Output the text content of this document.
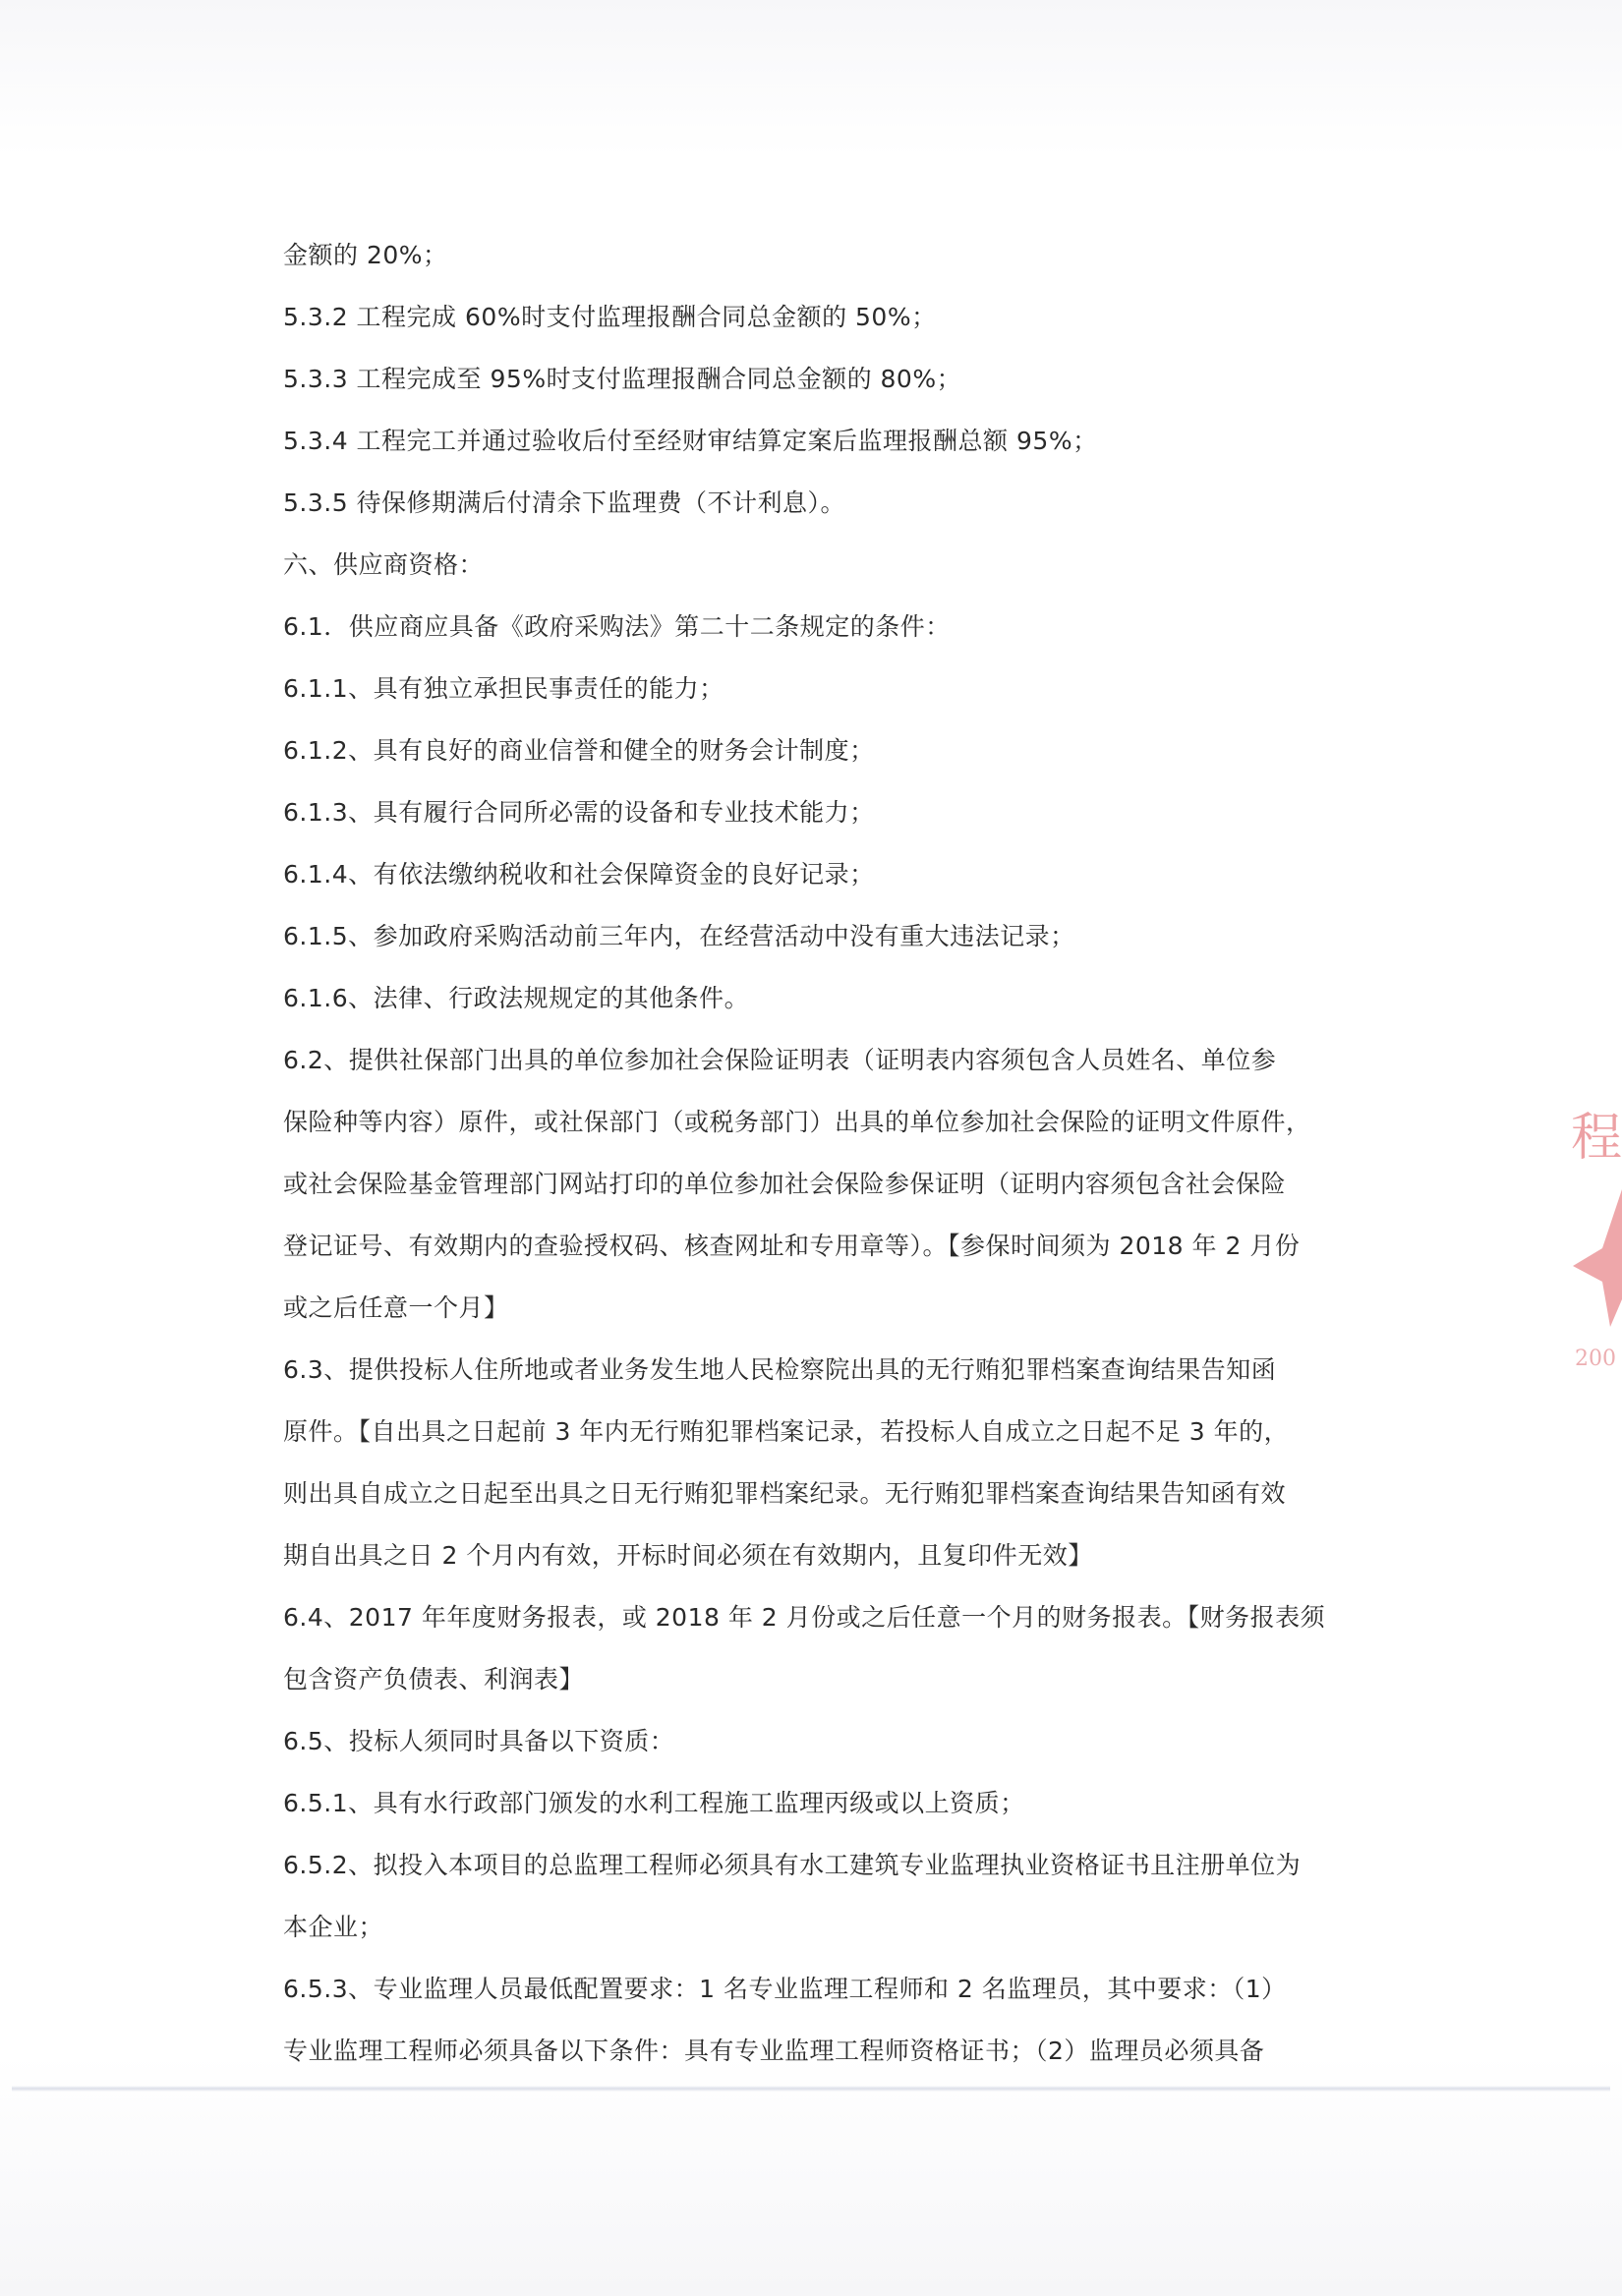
金额的 20%；
5.3.2 工程完成 60%时支付监理报酬合同总金额的 50%；
5.3.3 工程完成至 95%时支付监理报酬合同总金额的 80%；
5.3.4 工程完工并通过验收后付至经财审结算定案后监理报酬总额 95%；
5.3.5 待保修期满后付清余下监理费（不计利息）。
六、供应商资格：
6.1．供应商应具备《政府采购法》第二十二条规定的条件：
6.1.1、具有独立承担民事责任的能力；
6.1.2、具有良好的商业信誉和健全的财务会计制度；
6.1.3、具有履行合同所必需的设备和专业技术能力；
6.1.4、有依法缴纳税收和社会保障资金的良好记录；
6.1.5、参加政府采购活动前三年内，在经营活动中没有重大违法记录；
6.1.6、法律、行政法规规定的其他条件。
6.2、提供社保部门出具的单位参加社会保险证明表（证明表内容须包含人员姓名、单位参
保险种等内容）原件，或社保部门（或税务部门）出具的单位参加社会保险的证明文件原件，
或社会保险基金管理部门网站打印的单位参加社会保险参保证明（证明内容须包含社会保险
登记证号、有效期内的查验授权码、核查网址和专用章等）。【参保时间须为 2018 年 2 月份
或之后任意一个月】
6.3、提供投标人住所地或者业务发生地人民检察院出具的无行贿犯罪档案查询结果告知函
原件。【自出具之日起前 3 年内无行贿犯罪档案记录，若投标人自成立之日起不足 3 年的，
则出具自成立之日起至出具之日无行贿犯罪档案纪录。无行贿犯罪档案查询结果告知函有效
期自出具之日 2 个月内有效，开标时间必须在有效期内，且复印件无效】
6.4、2017 年年度财务报表，或 2018 年 2 月份或之后任意一个月的财务报表。【财务报表须
包含资产负债表、利润表】
6.5、投标人须同时具备以下资质：
6.5.1、具有水行政部门颁发的水利工程施工监理丙级或以上资质；
6.5.2、拟投入本项目的总监理工程师必须具有水工建筑专业监理执业资格证书且注册单位为
本企业；
6.5.3、专业监理人员最低配置要求：1 名专业监理工程师和 2 名监理员，其中要求：（1）
专业监理工程师必须具备以下条件：具有专业监理工程师资格证书；（2）监理员必须具备
程
200
